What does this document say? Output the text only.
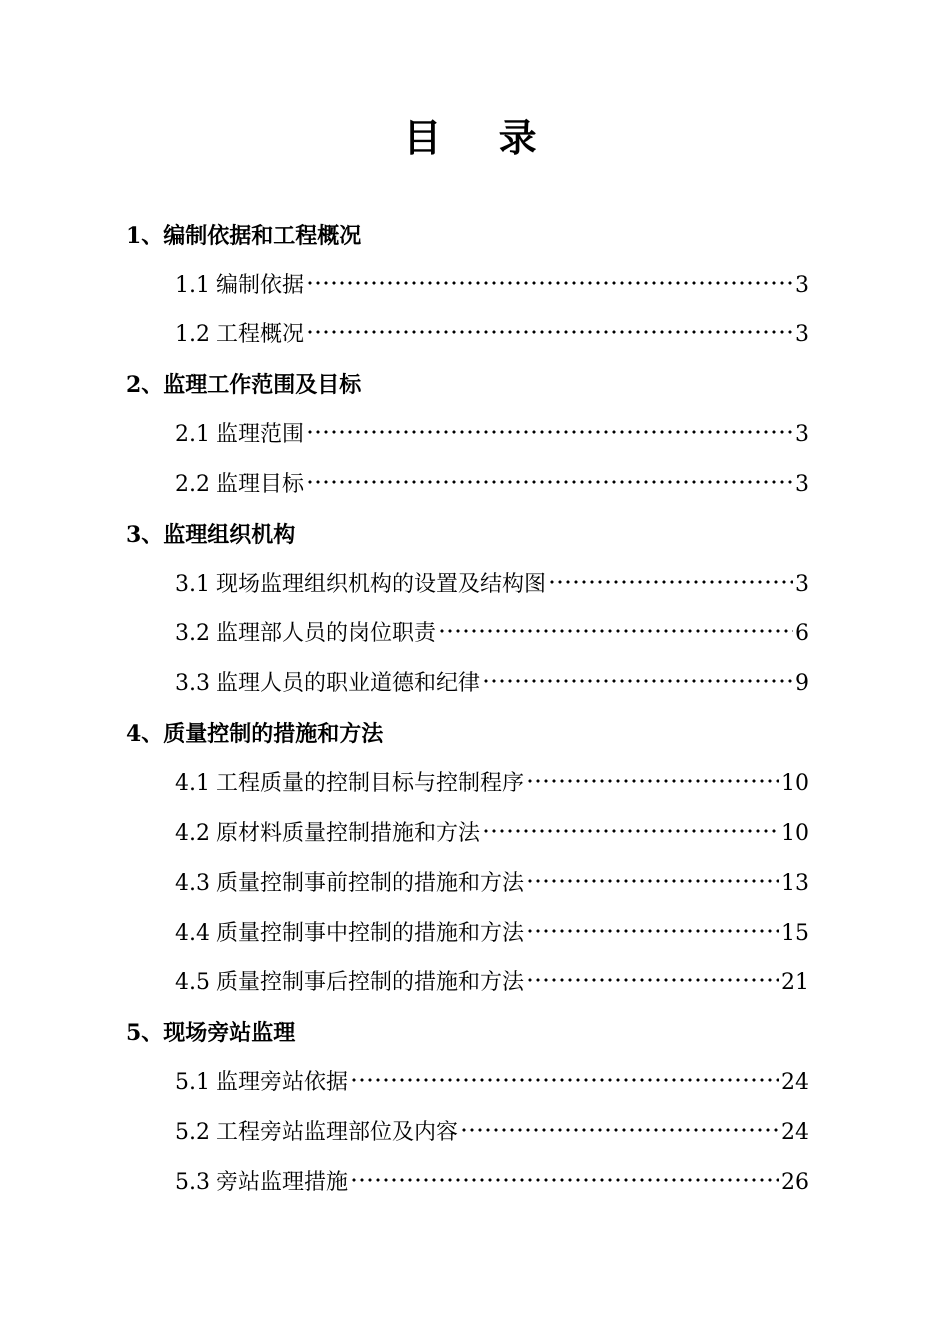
目 录
1、编制依据和工程概况
1.1 编制依据	3
1.2 工程概况	3
2、监理工作范围及目标
2.1 监理范围	3
2.2 监理目标	3
3、监理组织机构
3.1 现场监理组织机构的设置及结构图	3
3.2 监理部人员的岗位职责	6
3.3 监理人员的职业道德和纪律	9
4、质量控制的措施和方法
4.1 工程质量的控制目标与控制程序	10
4.2 原材料质量控制措施和方法	10
4.3 质量控制事前控制的措施和方法	13
4.4 质量控制事中控制的措施和方法	15
4.5 质量控制事后控制的措施和方法	21
5、现场旁站监理
5.1 监理旁站依据	24
5.2 工程旁站监理部位及内容	24
5.3 旁站监理措施	26
